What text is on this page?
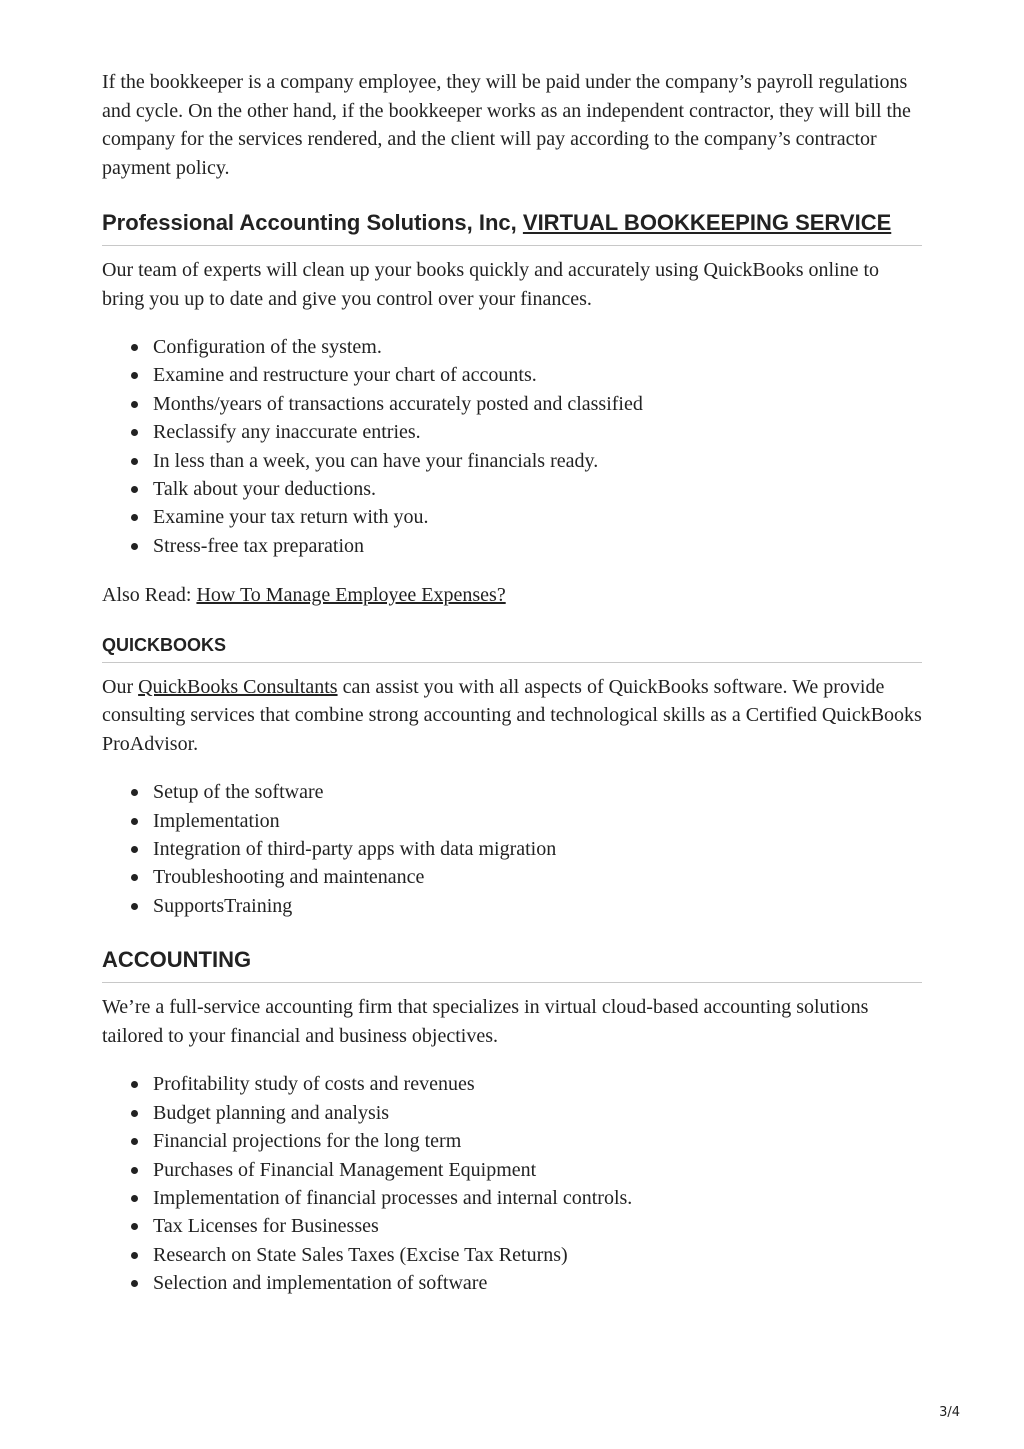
If the bookkeeper is a company employee, they will be paid under the company’s payroll regulations and cycle. On the other hand, if the bookkeeper works as an independent contractor, they will bill the company for the services rendered, and the client will pay according to the company’s contractor payment policy.

Professional Accounting Solutions, Inc, VIRTUAL BOOKKEEPING SERVICE

Our team of experts will clean up your books quickly and accurately using QuickBooks online to bring you up to date and give you control over your finances.

Configuration of the system.
Examine and restructure your chart of accounts.
Months/years of transactions accurately posted and classified
Reclassify any inaccurate entries.
In less than a week, you can have your financials ready.
Talk about your deductions.
Examine your tax return with you.
Stress-free tax preparation

Also Read: How To Manage Employee Expenses?

QUICKBOOKS

Our QuickBooks Consultants can assist you with all aspects of QuickBooks software. We provide consulting services that combine strong accounting and technological skills as a Certified QuickBooks ProAdvisor.

Setup of the software
Implementation
Integration of third-party apps with data migration
Troubleshooting and maintenance
SupportsTraining
ACCOUNTING

We’re a full-service accounting firm that specializes in virtual cloud-based accounting solutions tailored to your financial and business objectives.

Profitability study of costs and revenues
Budget planning and analysis
Financial projections for the long term
Purchases of Financial Management Equipment
Implementation of financial processes and internal controls.
Tax Licenses for Businesses
Research on State Sales Taxes (Excise Tax Returns)
Selection and implementation of software
3/4
